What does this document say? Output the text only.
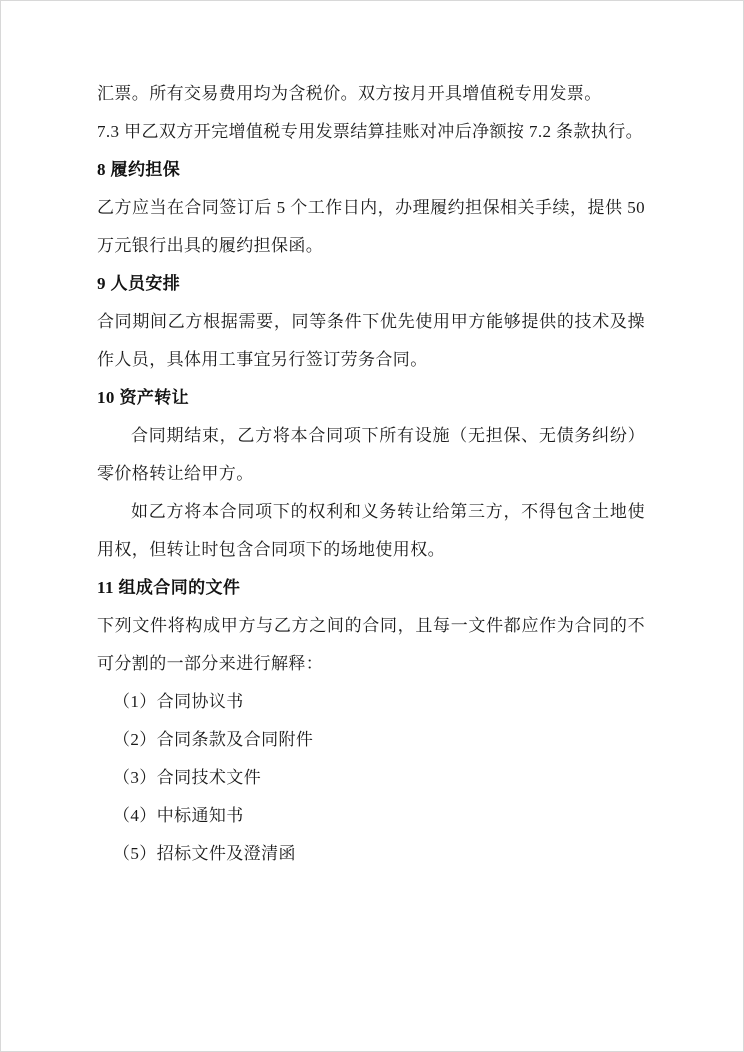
汇票。所有交易费用均为含税价。双方按月开具增值税专用发票。

7.3 甲乙双方开完增值税专用发票结算挂账对冲后净额按 7.2 条款执行。

8 履约担保

乙方应当在合同签订后 5 个工作日内，办理履约担保相关手续，提供 50 万元银行出具的履约担保函。

9 人员安排

合同期间乙方根据需要，同等条件下优先使用甲方能够提供的技术及操作人员，具体用工事宜另行签订劳务合同。

10 资产转让

合同期结束，乙方将本合同项下所有设施（无担保、无债务纠纷）零价格转让给甲方。

如乙方将本合同项下的权利和义务转让给第三方，不得包含土地使用权，但转让时包含合同项下的场地使用权。

11 组成合同的文件

下列文件将构成甲方与乙方之间的合同，且每一文件都应作为合同的不可分割的一部分来进行解释：

（1）合同协议书

（2）合同条款及合同附件

（3）合同技术文件

（4）中标通知书

（5）招标文件及澄清函
